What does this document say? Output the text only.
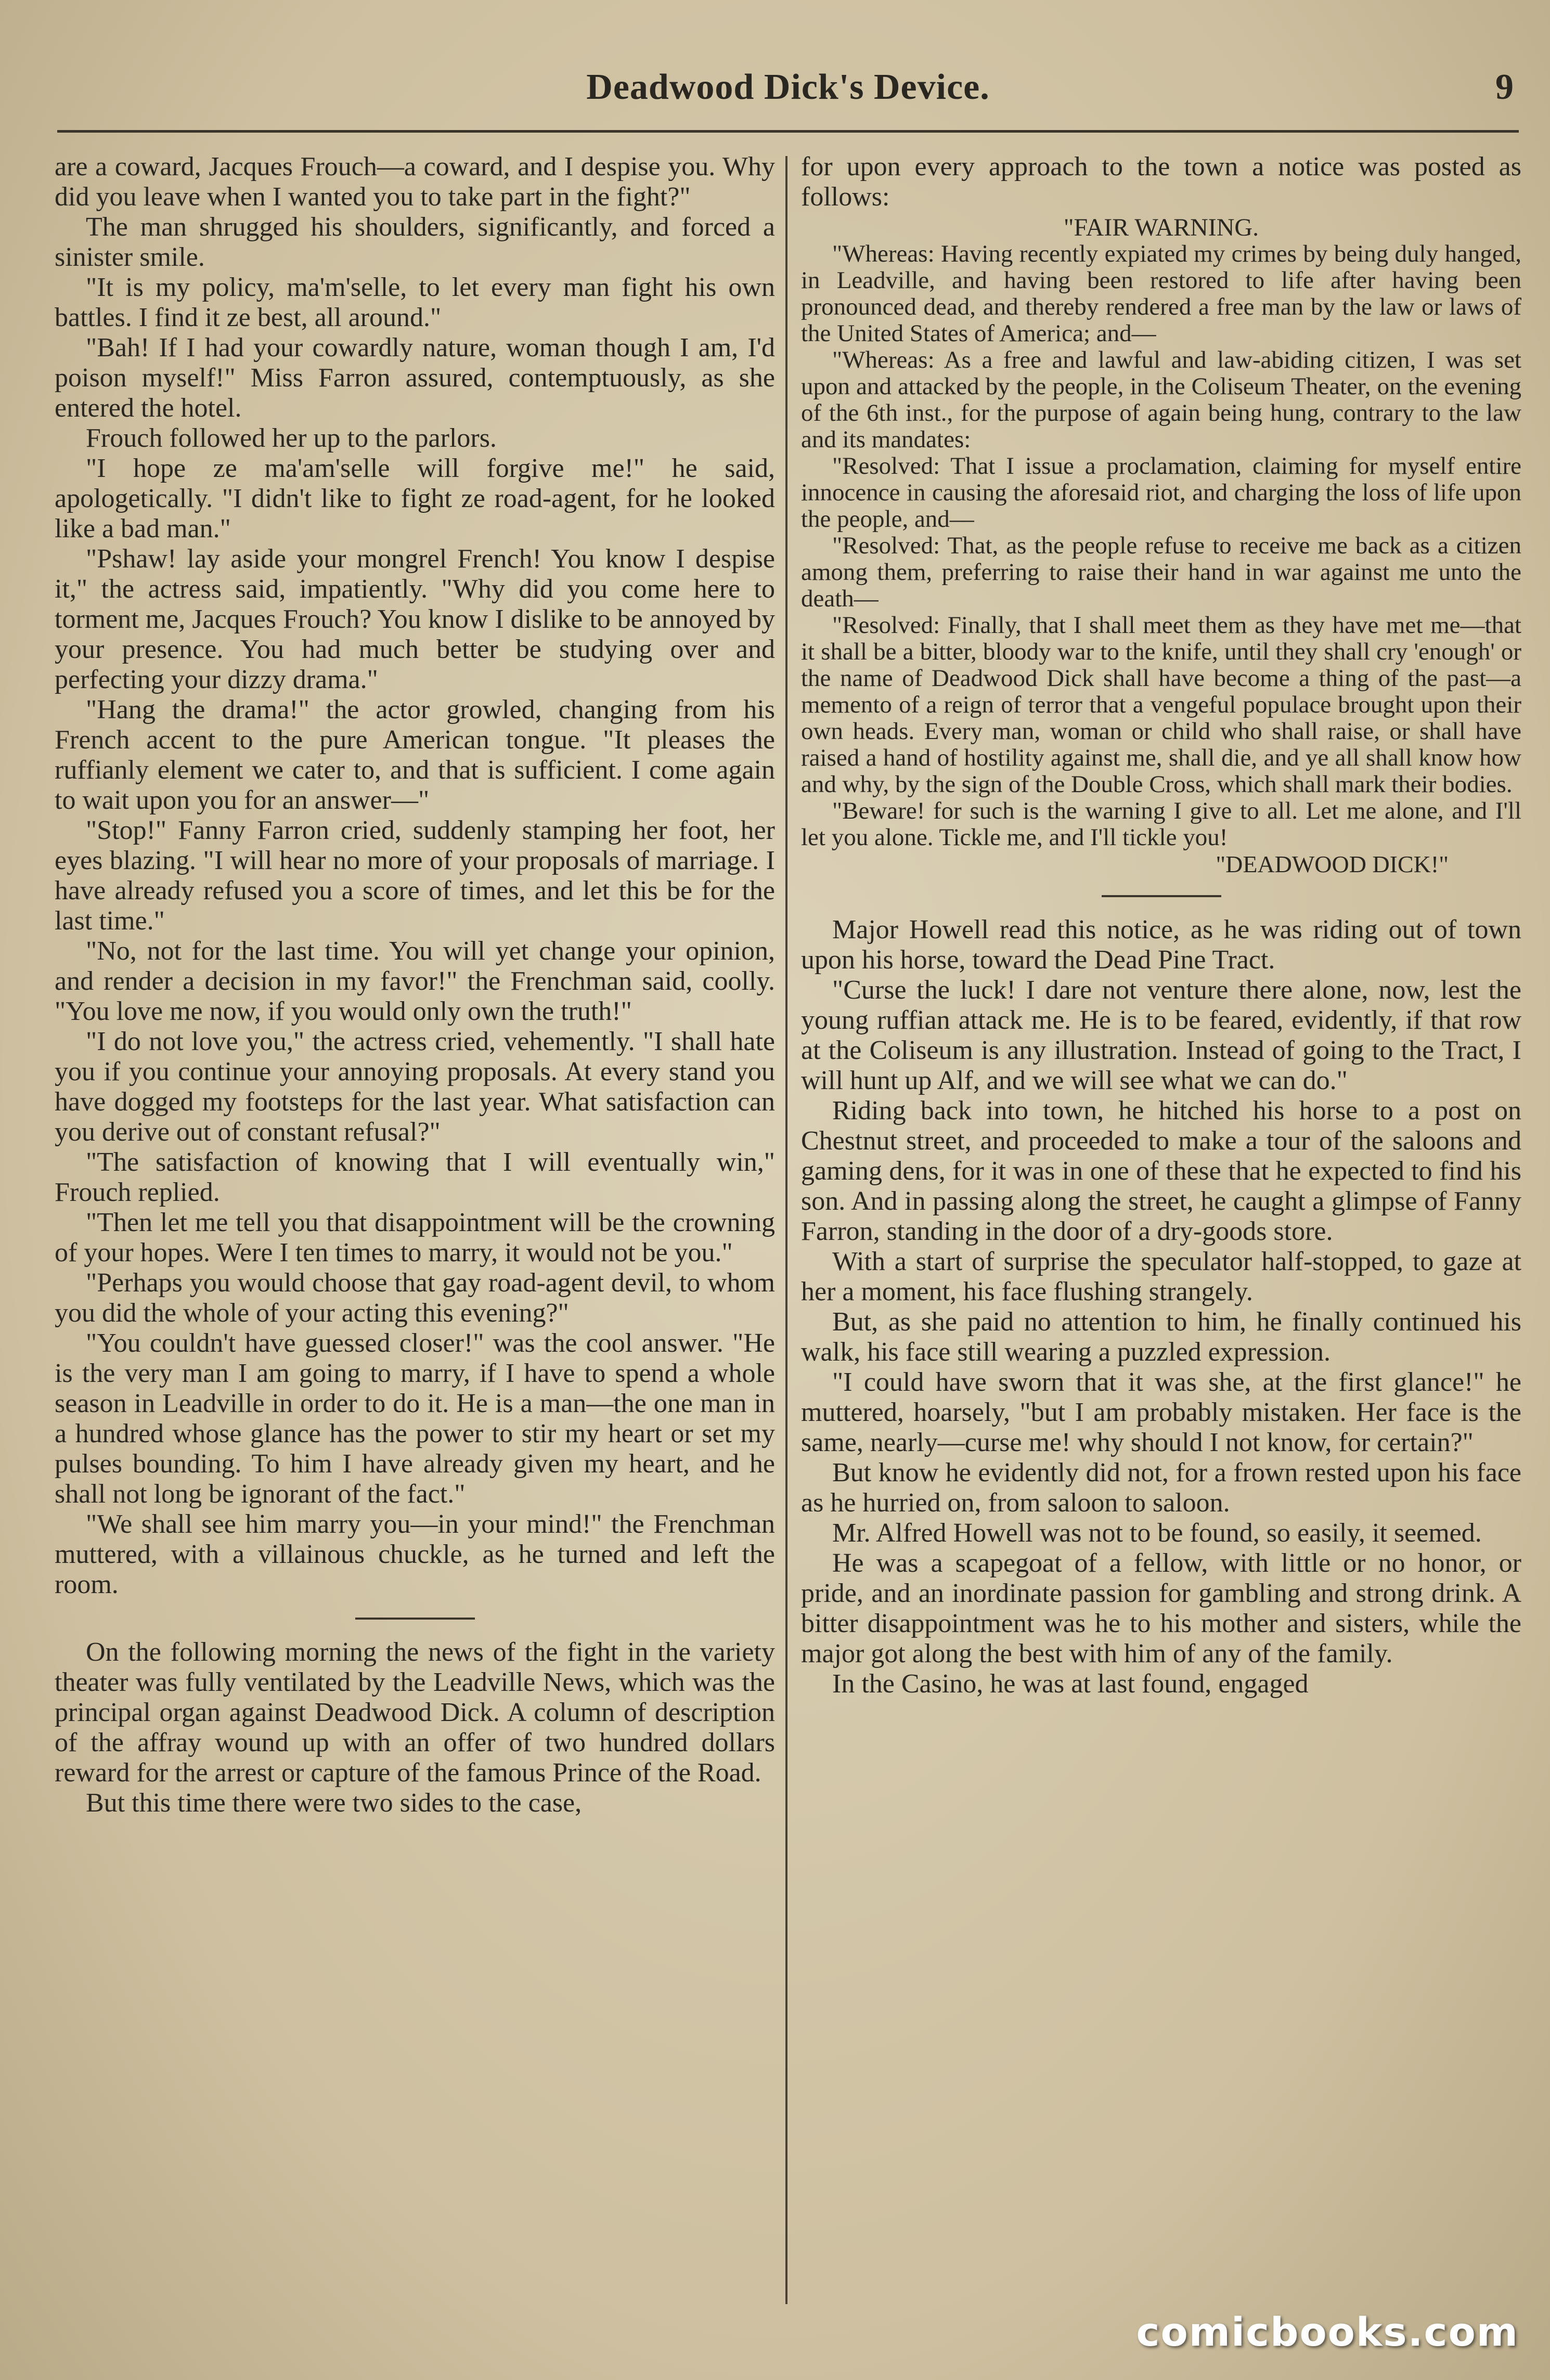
Deadwood Dick's Device.	9

are a coward, Jacques Frouch—a coward, and I despise you. Why did you leave when I wanted you to take part in the fight?"

The man shrugged his shoulders, significantly, and forced a sinister smile.

"It is my policy, ma'm'selle, to let every man fight his own battles. I find it ze best, all around."

"Bah! If I had your cowardly nature, woman though I am, I'd poison myself!" Miss Farron assured, contemptuously, as she entered the hotel.

Frouch followed her up to the parlors.

"I hope ze ma'am'selle will forgive me!" he said, apologetically. "I didn't like to fight ze road-agent, for he looked like a bad man."

"Pshaw! lay aside your mongrel French! You know I despise it," the actress said, impatiently. "Why did you come here to torment me, Jacques Frouch? You know I dislike to be annoyed by your presence. You had much better be studying over and perfecting your dizzy drama."

"Hang the drama!" the actor growled, changing from his French accent to the pure American tongue. "It pleases the ruffianly element we cater to, and that is sufficient. I come again to wait upon you for an answer—"

"Stop!" Fanny Farron cried, suddenly stamping her foot, her eyes blazing. "I will hear no more of your proposals of marriage. I have already refused you a score of times, and let this be for the last time."

"No, not for the last time. You will yet change your opinion, and render a decision in my favor!" the Frenchman said, coolly. "You love me now, if you would only own the truth!"

"I do not love you," the actress cried, vehemently. "I shall hate you if you continue your annoying proposals. At every stand you have dogged my footsteps for the last year. What satisfaction can you derive out of constant refusal?"

"The satisfaction of knowing that I will eventually win," Frouch replied.

"Then let me tell you that disappointment will be the crowning of your hopes. Were I ten times to marry, it would not be you."

"Perhaps you would choose that gay road-agent devil, to whom you did the whole of your acting this evening?"

"You couldn't have guessed closer!" was the cool answer. "He is the very man I am going to marry, if I have to spend a whole season in Leadville in order to do it. He is a man—the one man in a hundred whose glance has the power to stir my heart or set my pulses bounding. To him I have already given my heart, and he shall not long be ignorant of the fact."

"We shall see him marry you—in your mind!" the Frenchman muttered, with a villainous chuckle, as he turned and left the room.

On the following morning the news of the fight in the variety theater was fully ventilated by the Leadville News, which was the principal organ against Deadwood Dick. A column of description of the affray wound up with an offer of two hundred dollars reward for the arrest or capture of the famous Prince of the Road.

But this time there were two sides to the case,

for upon every approach to the town a notice was posted as follows:

"FAIR WARNING.

"Whereas: Having recently expiated my crimes by being duly hanged, in Leadville, and having been restored to life after having been pronounced dead, and thereby rendered a free man by the law or laws of the United States of America; and—

"Whereas: As a free and lawful and law-abiding citizen, I was set upon and attacked by the people, in the Coliseum Theater, on the evening of the 6th inst., for the purpose of again being hung, contrary to the law and its mandates:

"Resolved: That I issue a proclamation, claiming for myself entire innocence in causing the aforesaid riot, and charging the loss of life upon the people, and—

"Resolved: That, as the people refuse to receive me back as a citizen among them, preferring to raise their hand in war against me unto the death—

"Resolved: Finally, that I shall meet them as they have met me—that it shall be a bitter, bloody war to the knife, until they shall cry 'enough' or the name of Deadwood Dick shall have become a thing of the past—a memento of a reign of terror that a vengeful populace brought upon their own heads. Every man, woman or child who shall raise, or shall have raised a hand of hostility against me, shall die, and ye all shall know how and why, by the sign of the Double Cross, which shall mark their bodies.

"Beware! for such is the warning I give to all. Let me alone, and I'll let you alone. Tickle me, and I'll tickle you!

"DEADWOOD DICK!"

Major Howell read this notice, as he was riding out of town upon his horse, toward the Dead Pine Tract.

"Curse the luck! I dare not venture there alone, now, lest the young ruffian attack me. He is to be feared, evidently, if that row at the Coliseum is any illustration. Instead of going to the Tract, I will hunt up Alf, and we will see what we can do."

Riding back into town, he hitched his horse to a post on Chestnut street, and proceeded to make a tour of the saloons and gaming dens, for it was in one of these that he expected to find his son. And in passing along the street, he caught a glimpse of Fanny Farron, standing in the door of a dry-goods store.

With a start of surprise the speculator half-stopped, to gaze at her a moment, his face flushing strangely.

But, as she paid no attention to him, he finally continued his walk, his face still wearing a puzzled expression.

"I could have sworn that it was she, at the first glance!" he muttered, hoarsely, "but I am probably mistaken. Her face is the same, nearly—curse me! why should I not know, for certain?"

But know he evidently did not, for a frown rested upon his face as he hurried on, from saloon to saloon.

Mr. Alfred Howell was not to be found, so easily, it seemed.

He was a scapegoat of a fellow, with little or no honor, or pride, and an inordinate passion for gambling and strong drink. A bitter disappointment was he to his mother and sisters, while the major got along the best with him of any of the family.

In the Casino, he was at last found, engaged

comicbooks.com
